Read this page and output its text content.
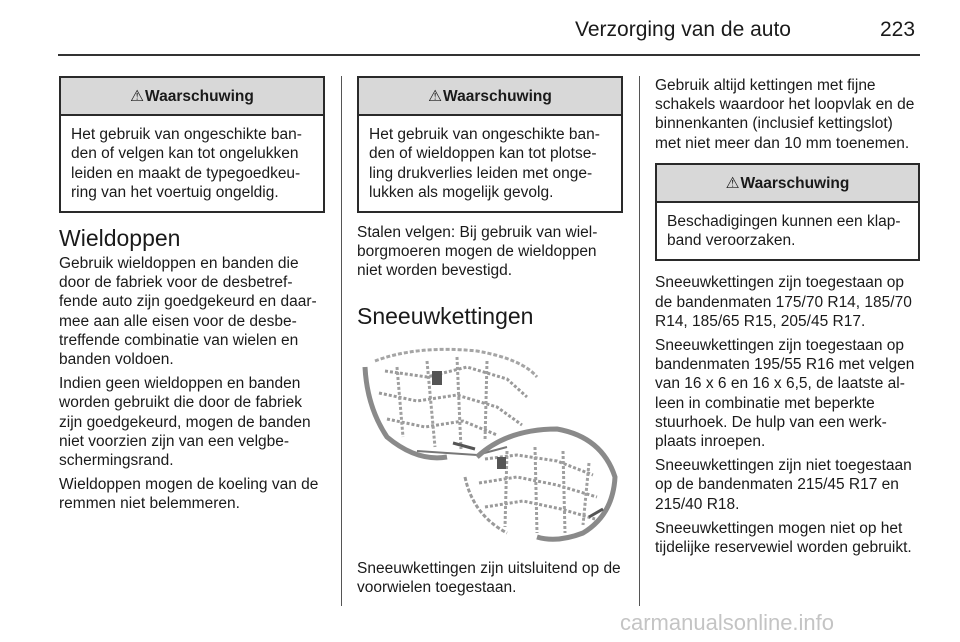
Verzorging van de auto	223
⚠Waarschuwing
Het gebruik van ongeschikte ban-den of velgen kan tot ongelukken leiden en maakt de typegoedkeu-ring van het voertuig ongeldig.
Wieldoppen

Gebruik wieldoppen en banden die door de fabriek voor de desbetref-fende auto zijn goedgekeurd en daar-mee aan alle eisen voor de desbe-treffende combinatie van wielen en banden voldoen.

Indien geen wieldoppen en banden worden gebruikt die door de fabriek zijn goedgekeurd, mogen de banden niet voorzien zijn van een velgbe-schermingsrand.

Wieldoppen mogen de koeling van de remmen niet belemmeren.

⚠Waarschuwing
Het gebruik van ongeschikte ban-den of wieldoppen kan tot plotse-ling drukverlies leiden met onge-lukken als mogelijk gevolg.

Stalen velgen: Bij gebruik van wiel-borgmoeren mogen de wieldoppen niet worden bevestigd.

Sneeuwkettingen

Sneeuwkettingen zijn uitsluitend op de voorwielen toegestaan.

Gebruik altijd kettingen met fijne schakels waardoor het loopvlak en de binnenkanten (inclusief kettingslot) met niet meer dan 10 mm toenemen.

⚠Waarschuwing
Beschadigingen kunnen een klap-band veroorzaken.

Sneeuwkettingen zijn toegestaan op de bandenmaten 175/70 R14, 185/70 R14, 185/65 R15, 205/45 R17.

Sneeuwkettingen zijn toegestaan op bandenmaten 195/55 R16 met velgen van 16 x 6 en 16 x 6,5, de laatste al-leen in combinatie met beperkte stuurhoek. De hulp van een werk-plaats inroepen.

Sneeuwkettingen zijn niet toegestaan op de bandenmaten 215/45 R17 en 215/40 R18.

Sneeuwkettingen mogen niet op het tijdelijke reservewiel worden gebruikt.

carmanualsonline.info
